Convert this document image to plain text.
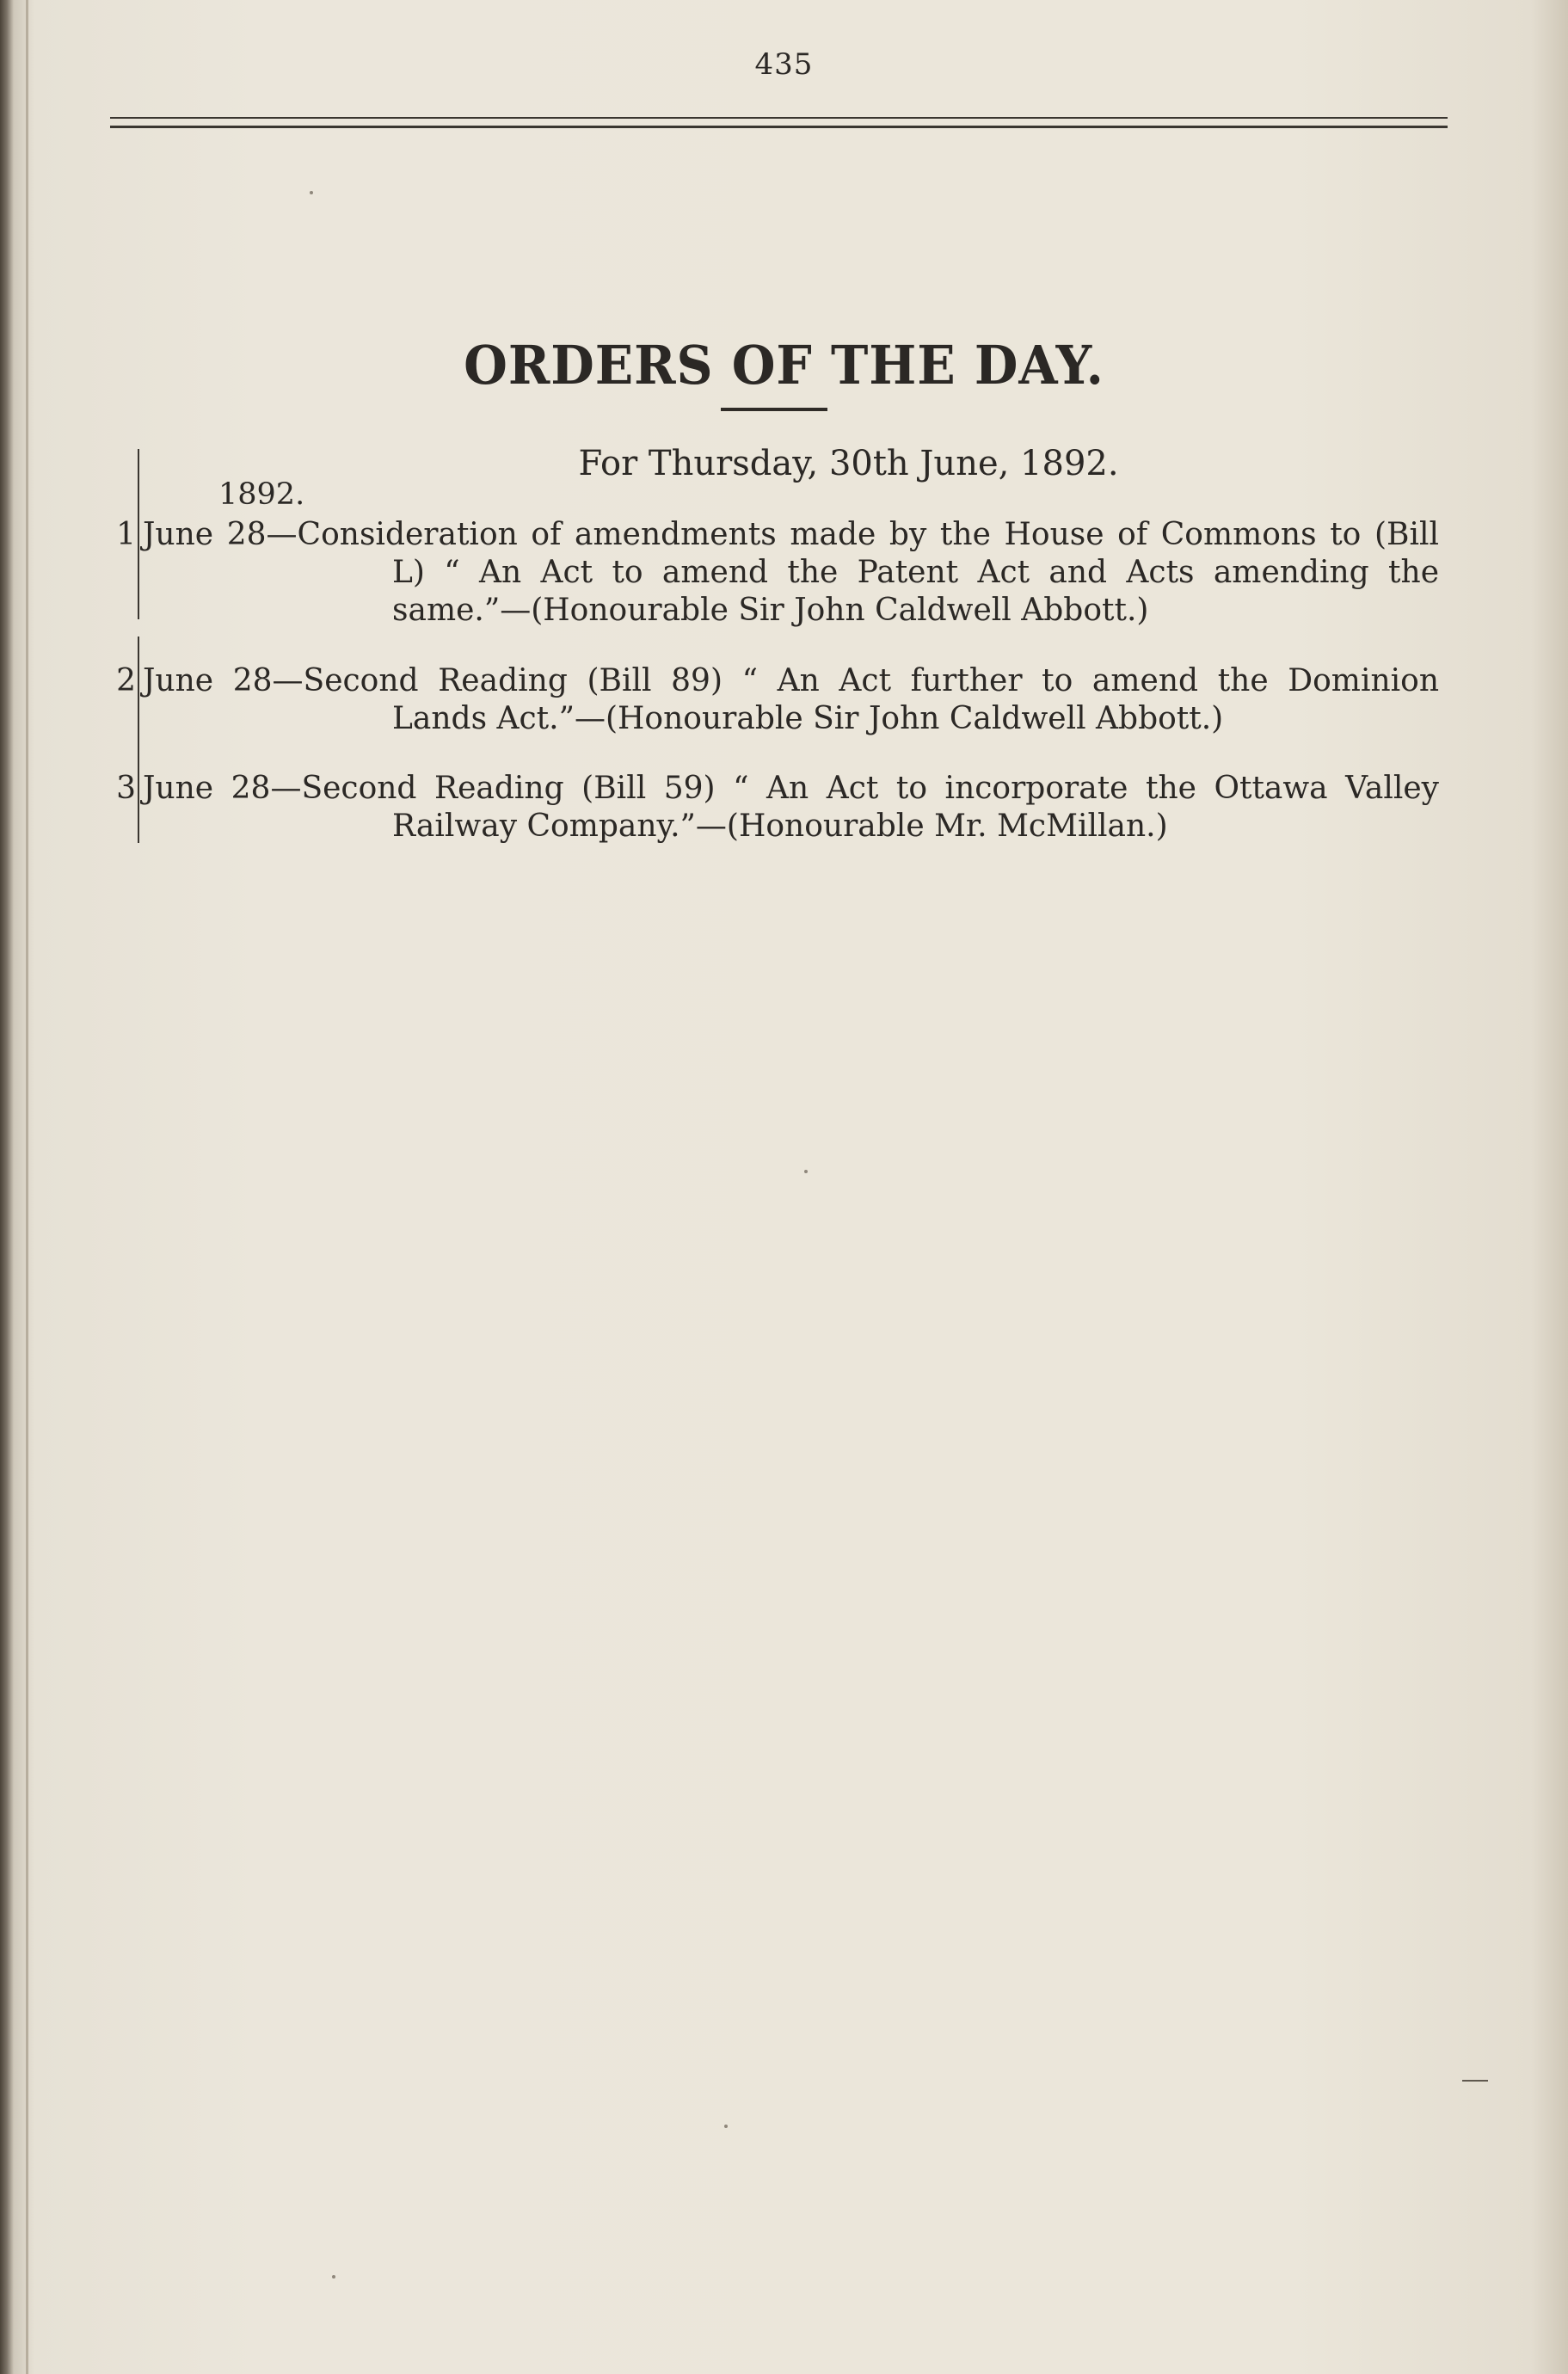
435
ORDERS OF THE DAY.
For Thursday, 30th June, 1892.
1892.
1 June 28—Consideration of amendments made by the House of Commons to (Bill
L) “ An Act to amend the Patent Act and Acts amending the
same.”—(Honourable Sir John Caldwell Abbott.)
2 June 28—Second Reading (Bill 89) “ An Act further to amend the Dominion
Lands Act.”—(Honourable Sir John Caldwell Abbott.)
3 June 28—Second Reading (Bill 59) “ An Act to incorporate the Ottawa Valley
Railway Company.”—(Honourable Mr. McMillan.)
